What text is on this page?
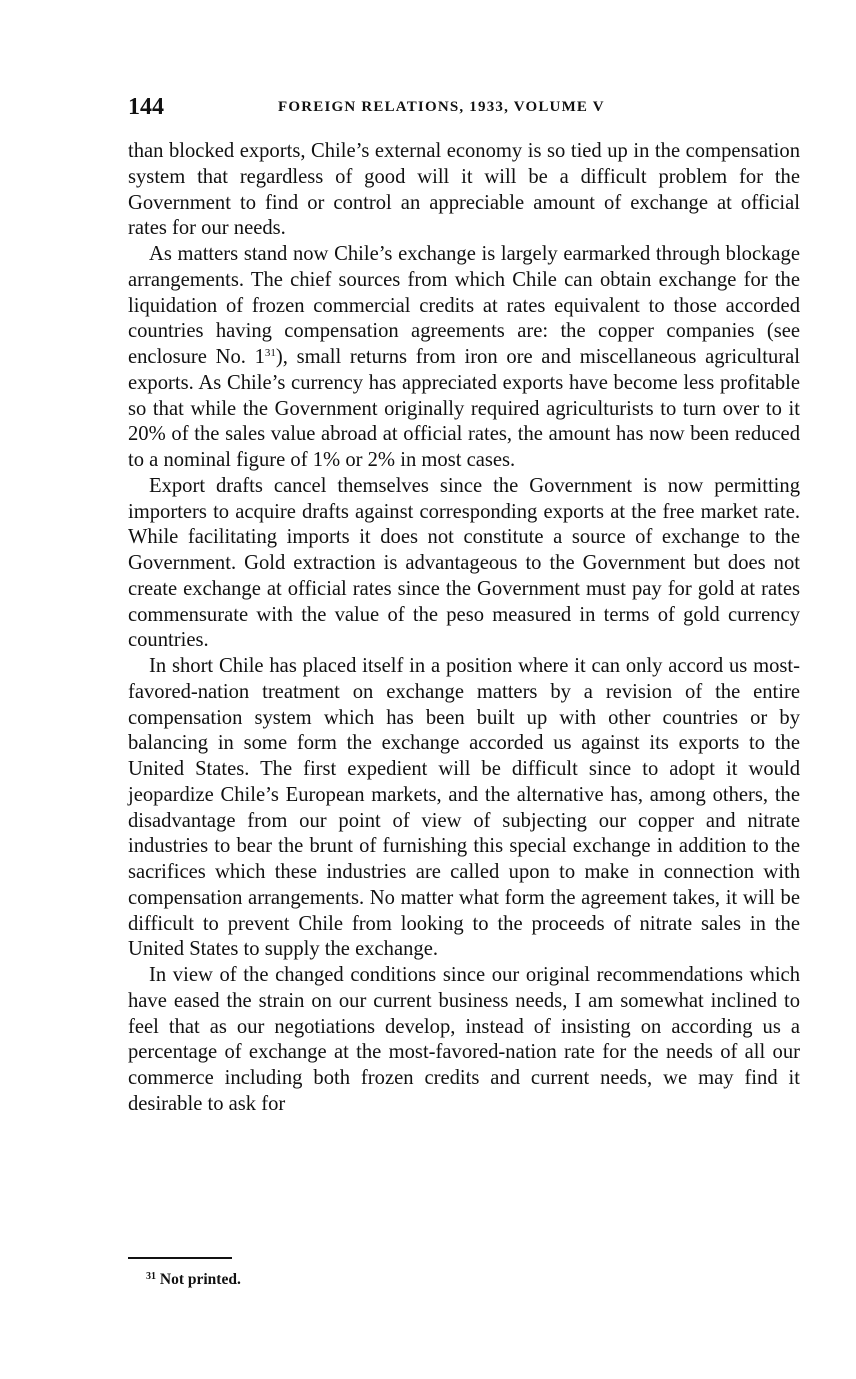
144	FOREIGN RELATIONS, 1933, VOLUME V

than blocked exports, Chile’s external economy is so tied up in the compensation system that regardless of good will it will be a difficult problem for the Government to find or control an appreciable amount of exchange at official rates for our needs.

As matters stand now Chile’s exchange is largely earmarked through blockage arrangements. The chief sources from which Chile can obtain exchange for the liquidation of frozen commercial credits at rates equivalent to those accorded countries having compensation agreements are: the copper companies (see enclosure No. $1^{31}$), small returns from iron ore and miscellaneous agricultural exports. As Chile’s currency has appreciated exports have become less profitable so that while the Government originally required agriculturists to turn over to it 20% of the sales value abroad at official rates, the amount has now been reduced to a nominal figure of 1% or 2% in most cases.

Export drafts cancel themselves since the Government is now permitting importers to acquire drafts against corresponding exports at the free market rate. While facilitating imports it does not constitute a source of exchange to the Government. Gold extraction is advantageous to the Government but does not create exchange at official rates since the Government must pay for gold at rates commensurate with the value of the peso measured in terms of gold currency countries.

In short Chile has placed itself in a position where it can only accord us most-favored-nation treatment on exchange matters by a revision of the entire compensation system which has been built up with other countries or by balancing in some form the exchange accorded us against its exports to the United States. The first expedient will be difficult since to adopt it would jeopardize Chile’s European markets, and the alternative has, among others, the disadvantage from our point of view of subjecting our copper and nitrate industries to bear the brunt of furnishing this special exchange in addition to the sacrifices which these industries are called upon to make in connection with compensation arrangements. No matter what form the agreement takes, it will be difficult to prevent Chile from looking to the proceeds of nitrate sales in the United States to supply the exchange.

In view of the changed conditions since our original recommendations which have eased the strain on our current business needs, I am somewhat inclined to feel that as our negotiations develop, instead of insisting on according us a percentage of exchange at the most-favored-nation rate for the needs of all our commerce including both frozen credits and current needs, we may find it desirable to ask for

$^{31}$ Not printed.
